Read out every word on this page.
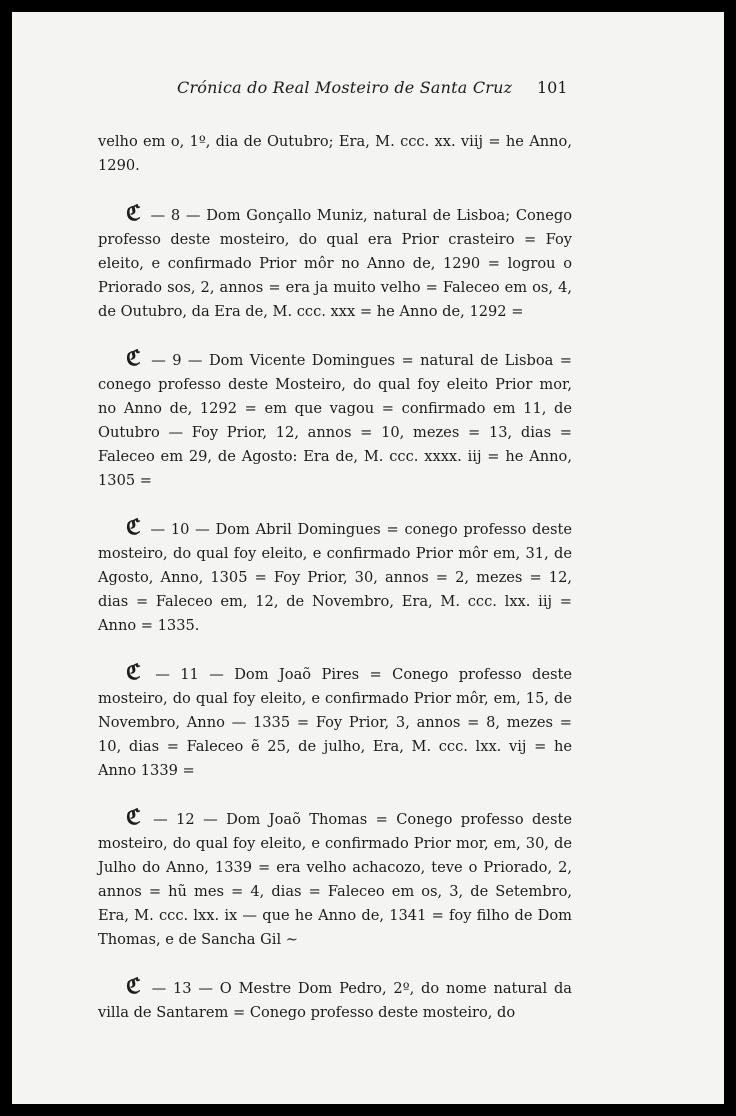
Crónica do Real Mosteiro de Santa Cruz 101

velho em o, 1º, dia de Outubro; Era, M. ccc. xx. viij = he Anno, 1290.

ℭ — 8 — Dom Gonçallo Muniz, natural de Lisboa; Conego professo deste mosteiro, do qual era Prior crasteiro = Foy eleito, e confirmado Prior môr no Anno de, 1290 = logrou o Priorado sos, 2, annos = era ja muito velho = Faleceo em os, 4, de Outubro, da Era de, M. ccc. xxx = he Anno de, 1292 =

ℭ — 9 — Dom Vicente Domingues = natural de Lisboa = conego professo deste Mosteiro, do qual foy eleito Prior mor, no Anno de, 1292 = em que vagou = confirmado em 11, de Outubro — Foy Prior, 12, annos = 10, mezes = 13, dias = Faleceo em 29, de Agosto: Era de, M. ccc. xxxx. iij = he Anno, 1305 =

ℭ — 10 — Dom Abril Domingues = conego professo deste mosteiro, do qual foy eleito, e confirmado Prior môr em, 31, de Agosto, Anno, 1305 = Foy Prior, 30, annos = 2, mezes = 12, dias = Faleceo em, 12, de Novembro, Era, M. ccc. lxx. iij = Anno = 1335.

ℭ — 11 — Dom Joaõ Pires = Conego professo deste mosteiro, do qual foy eleito, e confirmado Prior môr, em, 15, de Novembro, Anno — 1335 = Foy Prior, 3, annos = 8, mezes = 10, dias = Faleceo ẽ 25, de julho, Era, M. ccc. lxx. vij = he Anno 1339 =

ℭ — 12 — Dom Joaõ Thomas = Conego professo deste mosteiro, do qual foy eleito, e confirmado Prior mor, em, 30, de Julho do Anno, 1339 = era velho achacozo, teve o Priorado, 2, annos = hũ mes = 4, dias = Faleceo em os, 3, de Setembro, Era, M. ccc. lxx. ix — que he Anno de, 1341 = foy filho de Dom Thomas, e de Sancha Gil ∼

ℭ — 13 — O Mestre Dom Pedro, 2º, do nome natural da villa de Santarem = Conego professo deste mosteiro, do
